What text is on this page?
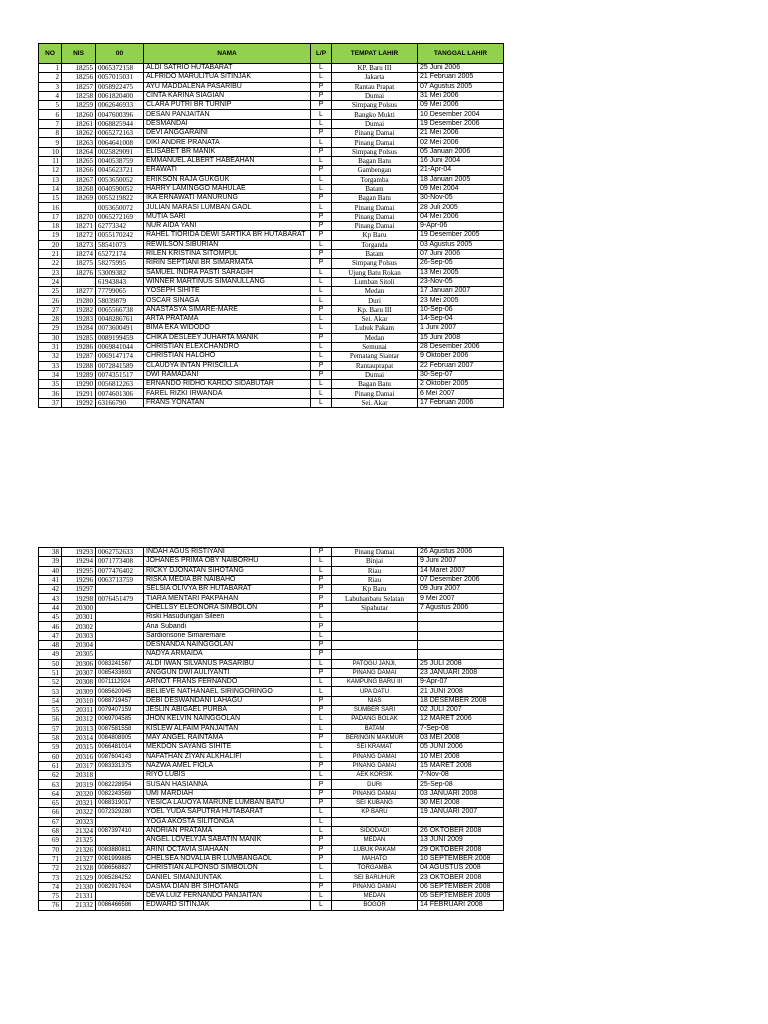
NO	NIS	00	NAMA	L/P	TEMPAT LAHIR	TANGGAL LAHIR
1	18255	0065372158	ALDI SATRIO HUTABARAT	L	KP. Baru III	25 Juni 2006
2	18256	0057015031	ALFRIDO MARULITUA SITINJAK	L	Jakarta	21 Februari 2005
3	18257	0058922475	AYU MADDALENA PASARIBU	P	Rantau Prapat	07 Agustus 2005
4	18258	0061820400	CINTA KARINA SIAGIAN	P	Dumai	31 Mei 2006
5	18259	0062646933	CLARA PUTRI BR TURNIP	P	Simpang Polsus	09 Mei 2006
6	18260	0047600396	DESAN PANJAITAN	L	Bangko Mukti	10 Desember 2004
7	18261	0068825944	DESMANDAI	L	Dumai	19 Desember 2006
8	18262	0065272163	DEVI ANGGARAINI	P	Pinang Damai	21 Mei 2006
9	18263	0064641008	DIKI ANDRE PRANATA	L	Pinang Damai	02 Mei 2006
10	18264	0025829091	ELISABET BR MANIK	P	Simpang Polsus	05 Januari 2006
11	18265	0040538759	EMMANUEL ALBERT HABEAHAN	L	Bagan Batu	16 Juni 2004
12	18266	0045623721	ERAWATI	P	Gambengan	21-Apr-04
13	18267	0053650052	ERIKSON RAJA GUKGUK	L	Torgamba	18 Januari 2005
14	18268	0040590052	HARRY LAMINGGO MAHULAE	L	Batam	09 Mei 2004
15	18269	0055219822	IKA ERNAWATI MANURUNG	P	Bagan Batu	30-Nov-05
16		0053650072	JULIAN MARASI LUMBAN GAOL	L	Pinang Damai	28 Juli 2005
17	18270	0065272169	MUTIA SARI	P	Pinang Damai	04 Mei 2006
18	18271	62773342	NUR AIDA YANI	P	Pinang Damai	9-Apr-06
19	18272	0055170242	RAHEL TIORIDA DEWI SARTIKA BR HUTABARAT	P	Kp Baru	19 Desember 2005
20	18273	58541073	REWILSON SIBURIAN	L	Torganda	03 Agustus 2005
21	18274	65272174	RILEN KRISTINA SITOMPUL	P	Batam	07 Juni 2006
22	18275	58275995	RIRIN SEPTIANI BR SIMARMATA	P	Simpang Polsus	26-Sep-05
23	18276	53009382	SAMUEL INDRA PASTI SARAGIH	L	Ujung Batu Rokan	13 Mei 2005
24		61943843	WINNER MARTINUS SIMANULLANG	L	Lumban Sitoli	23-Nov-05
25	18277	77799065	YOSEPH SIHITE	L	Medan	17 Januari 2007
26	19280	58039879	OSCAR SINAGA	L	Duri	23 Mei 2005
27	19282	0065566738	ANASTASYA SIMARE-MARE	P	Kp. Baru III	10-Sep-06
28	19283	0048286761	ARTA PRATAMA	L	Sei. Akar	14-Sep-04
29	19284	0073600491	BIMA EKA WIDODO	L	Lubuk Pakam	1 Juni 2007
30	19285	0089199459	CHIKA DESLEEY JUHARTA MANIK	P	Medan	15 Juni 2008
31	19286	0069841044	CHRISTIAN ELEXCHANDRO	L	Semunai	28 Desember 2006
32	19287	0069147174	CHRISTIAN HALOHO	L	Pematang Siantar	9 Oktober 2006
33	19288	0072841589	CLAUDYA INTAN PRISCILLA	P	Rantauprapat	22 Februari 2007
34	19289	0074351517	DWI RAMADANI	P	Dumai	30-Sep-07
35	19290	0056812263	ERNANDO RIDHO KARDO SIDABUTAR	L	Bagan Batu	2 Oktober 2005
36	19291	0074601306	FAREL RIZKI IRWANDA	L	Pinang Damai	6 Mei 2007
37	19292	63166790	FRANS YONATAN	L	Sei. Akar	17 Februari 2006
38	19293	0062752633	INDAH AGUS RISTIYANI	P	Pinang Damai	26 Agustus 2006
39	19294	0071773408	JOHANES PRIMA OBY NAIBORHU	L	Binjai	9 Juni 2007
40	19295	0077476402	RICKY DJONATAN SIHOTANG	L	Riau	14 Maret 2007
41	19296	0063713759	RISKA MEDIA BR NAIBAHO	P	Riau	07 Desember 2006
42	19297		SELSIA OLIVYA BR HUTABARAT	P	Kp Baru	09 Juni 2007
43	19298	0076451479	TIARA MENTARI PAKPAHAN	P	Labuhanbatu Selatan	9 Mei 2007
44	20300		CHELLSY ELEONORA SIMBOLON	P	Sipahutar	7 Agustus 2006
45	20301		Riski Hasudungan Sileen	L		
46	20302		Ana Subandi	P		
47	20303		Sardionsone Simaremare	L		
48	20304		DESNANDA NAINGGOLAN	P		
49	20305		NADYA ARMAIDA	P		
50	20306	0083241567	ALDI IWAN SILVANUS PASARIBU	L	PATOGU JANJI,	25 JULI 2008
51	20307	0085433693	ANGGUN DWI AULIYANTI	P	PINANG DAMAI	23 JANUARI 2008
52	20308	0071112924	ARNOT FRANS FERNANDO	L	KAMPUNG BARU III	9-Apr-07
53	20309	0085620945	BELIEVE NATHANAEL SIRINGORINGO	L	UPA DATU	21 JUNI 2008
54	20310	0088719457	DEBI DESWANDANI LAHAGU	P	NIAS	18 DESEMBER 2008
55	20311	0079407159	JESLIN ABIGAEL PURBA	P	SUMBER SARI	02 JULI 2007
56	20312	0069704585	JHON KELVIN NAINGGOLAN	L	PADANG BOLAK	12 MARET 2006
57	20313	0087581558	KISLEW ALFAIM PANJAITAN	L	BATAM	7-Sep-08
58	20314	0084808905	MAY ANGEL RAINTAMA	P	BERINGIN MAKMUR	03 MEI 2008
59	20315	0066481014	MEKDON SAYANG SIHITE	L	SEI KRAMAT	05 JUNI 2006
60	20316	0087604143	NAFATHAN ZIYAN ALKHALIFI	L	PINANG DAMAI	10 MEI 2008
61	20317	0083331375	NAZWA AMEL FIOLA	P	PINANG DAMAI	15 MARET 2008
62	20318		RIYO LUBIS	L	AEK KORSIK	7-Nov-08
63	20319	0082228954	SUSAN HASIANNA	P	DURI	25-Sep-08
64	20320	0082243569	UMI MARDIAH	P	PINANG DAMAI	03 JANUARI 2008
65	20321	0088319017	YESICA LAUOYA MARUNE LUMBAN BATU	P	SEI KUBANG	30 MEI 2008
66	20322	0072329280	YOEL YUDA SAPUTRA HUTABARAT	L	KP BARU	19 JANUARI 2007
67	20323		YOGA AKOSTA SILITONGA	L		
68	21324	0087397410	ANDRIAN PRATAMA	L	SIDODADI	26 OKTOBER 2008
69	21325		ANGEL LOVELYJA SABATIN MANIK	P	MEDAN	13 JUNI 2009
70	21326	0083880811	ARINI OCTAVIA SIAHAAN	P	LUBUK PAKAM	29 OKTOBER 2008
71	21327	0081999885	CHELSEA NOVALIA BR LUMBANGAOL	P	MAHATO	10 SEPTEMBER 2008
72	21328	0086568827	CHRISTIAN ALFONSO SIMBOLON	L	TORGAMBA	04 AGUSTUS 2008
73	21329	0085284252	DANIEL SIMANJUNTAK	L	SEI BARUHUR	23 OKTOBER 2008
74	21330	0082917624	DASMA DIAN BR SIHOTANG	P	PINANG DAMAI	06 SEPTEMBER 2008
75	21331		DEVA LUIZ FERNANDO PANJAITAN	L	MEDAN	05 SEPTEMBER 2009
76	21332	0086466586	EDWARD SITINJAK	L	BOGOR	14 FEBRUARI 2008
